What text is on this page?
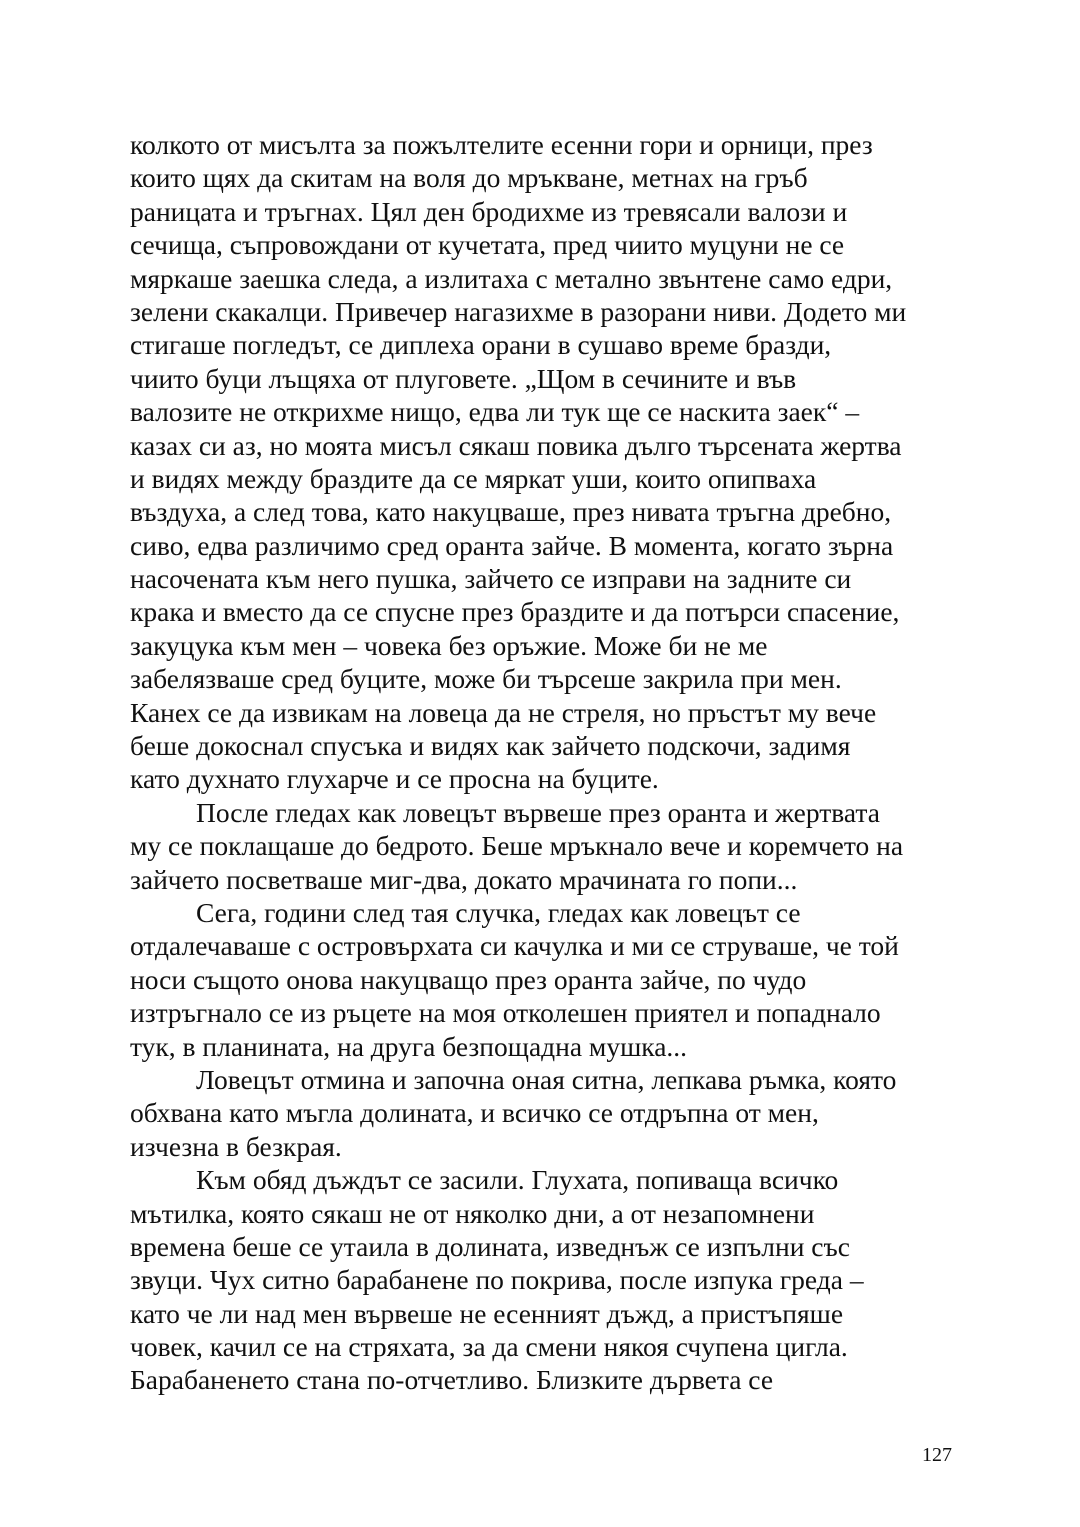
колкото от мисълта за пожълтелите есенни гори и орници, през
които щях да скитам на воля до мръкване, метнах на гръб
раницата и тръгнах. Цял ден бродихме из тревясали валози и
сечища, съпровождани от кучетата, пред чиито муцуни не се
мяркаше заешка следа, а излитаха с метално звънтене само едри,
зелени скакалци. Привечер нагазихме в разорани ниви. Додето ми
стигаше погледът, се диплеха орани в сушаво време бразди,
чиито буци лъщяха от плуговете. „Щом в сечините и във
валозите не открихме нищо, едва ли тук ще се наскита заек“ –
казах си аз, но моята мисъл сякаш повика дълго търсената жертва
и видях между браздите да се мяркат уши, които опипваха
въздуха, а след това, като накуцваше, през нивата тръгна дребно,
сиво, едва различимо сред оранта зайче. В момента, когато зърна
насочената към него пушка, зайчето се изправи на задните си
крака и вместо да се спусне през браздите и да потърси спасение,
закуцука към мен – човека без оръжие. Може би не ме
забелязваше сред буците, може би търсеше закрила при мен.
Канех се да извикам на ловеца да не стреля, но пръстът му вече
беше докоснал спусъка и видях как зайчето подскочи, задимя
като духнато глухарче и се просна на буците.
После гледах как ловецът вървеше през оранта и жертвата
му се поклащаше до бедрото. Беше мръкнало вече и коремчето на
зайчето посветваше миг-два, докато мрачината го попи...
Сега, години след тая случка, гледах как ловецът се
отдалечаваше с островърхата си качулка и ми се струваше, че той
носи същото онова накуцващо през оранта зайче, по чудо
изтръгнало се из ръцете на моя отколешен приятел и попаднало
тук, в планината, на друга безпощадна мушка...
Ловецът отмина и започна оная ситна, лепкава ръмка, която
обхвана като мъгла долината, и всичко се отдръпна от мен,
изчезна в безкрая.
Към обяд дъждът се засили. Глухата, попиваща всичко
мътилка, която сякаш не от няколко дни, а от незапомнени
времена беше се утаила в долината, изведнъж се изпълни със
звуци. Чух ситно барабанене по покрива, после изпука греда –
като че ли над мен вървеше не есенният дъжд, а пристъпяше
човек, качил се на стряхата, за да смени някоя счупена цигла.
Барабаненето стана по-отчетливо. Близките дървета се
127
